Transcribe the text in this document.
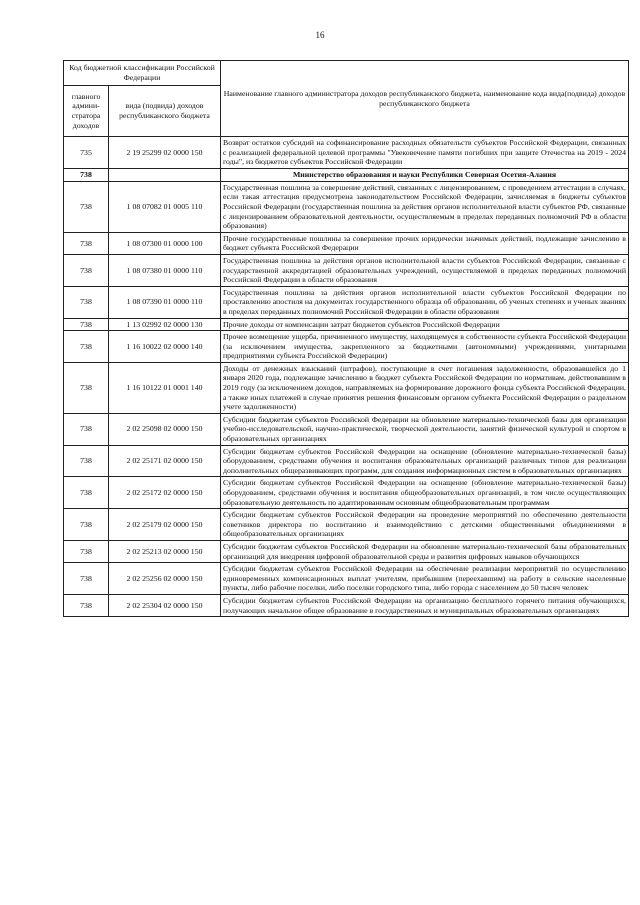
16
Код бюджетной классификации Российской Федерации		Наименование главного администратора доходов республиканского бюджета, наименование кода вида(подвида) доходов республиканского бюджета
главного админи- стратора доходов	вида (подвида) доходов республиканского бюджета	
735	2 19 25299 02 0000 150	Возврат остатков субсидий на софинансирование расходных обязательств субъектов Российской Федерации, связанных с реализацией федеральной целевой программы "Увековечение памяти погибших при защите Отечества на 2019 - 2024 годы", из бюджетов субъектов Российской Федерации
738		Министерство образования и науки Республики Северная Осетия-Алания
738	1 08 07082 01 0005 110	Государственная пошлина за совершение действий, связанных с лицензированием, с проведением аттестации в случаях, если такая аттестация предусмотрена законодательством Российской Федерации, зачисляемая в бюджеты субъектов Российской Федерации (государственная пошлина за действия органов исполнительной власти субъектов РФ, связанные с лицензированием образовательной деятельности, осуществляемым в пределах переданных полномочий РФ в области образования)
738	1 08 07300 01 0000 100	Прочие государственные пошлины за совершение прочих юридически значимых действий, подлежащие зачислению в бюджет субъекта Российской Федерации
738	1 08 07380 01 0000 110	Государственная пошлина за действия органов исполнительной власти субъектов Российской Федерации, связанные с государственной аккредитацией образовательных учреждений, осуществляемой в пределах переданных полномочий Российской Федерации в области образования
738	1 08 07390 01 0000 110	Государственная пошлина за действия органов исполнительной власти субъектов Российской Федерации по проставлению апостиля на документах государственного образца об образовании, об ученых степенях и ученых званиях в пределах переданных полномочий Российской Федерации в области образования
738	1 13 02992 02 0000 130	Прочие доходы от компенсации затрат бюджетов субъектов Российской Федерации
738	1 16 10022 02 0000 140	Прочее возмещение ущерба, причиненного имуществу, находящемуся в собственности субъекта Российской Федерации (за исключением имущества, закрепленного за бюджетными (автономными) учреждениями, унитарными предприятиями субъекта Российской Федерации)
738	1 16 10122 01 0001 140	Доходы от денежных взысканий (штрафов), поступающие в счет погашения задолженности, образовавшейся до 1 января 2020 года, подлежащие зачислению в бюджет субъекта Российской Федерации по нормативам, действовавшим в 2019 году (за исключением доходов, направляемых на формирование дорожного фонда субъекта Российской Федерации, а также иных платежей в случае принятия решения финансовым органом субъекта Российской Федерации о раздельном учете задолженности)
738	2 02 25098 02 0000 150	Субсидии бюджетам субъектов Российской Федерации на обновление материально-технической базы для организации учебно-исследовательской, научно-практической, творческой деятельности, занятий физической культурой и спортом в образовательных организациях
738	2 02 25171 02 0000 150	Субсидии бюджетам субъектов Российской Федерации на оснащение (обновление материально-технической базы) оборудованием, средствами обучения и воспитания образовательных организаций различных типов для реализации дополнительных общеразвивающих программ, для создания информационных систем в образовательных организациях
738	2 02 25172 02 0000 150	Субсидии бюджетам субъектов Российской Федерации на оснащение (обновление материально-технической базы) оборудованием, средствами обучения и воспитания общеобразовательных организаций, в том числе осуществляющих образовательную деятельность по адаптированным основным общеобразовательным программам
738	2 02 25179 02 0000 150	Субсидии бюджетам субъектов Российской Федерации на проведение мероприятий по обеспечению деятельности советников директора по воспитанию и взаимодействию с детскими общественными объединениями в общеобразовательных организациях
738	2 02 25213 02 0000 150	Субсидии бюджетам субъектов Российской Федерации на обновление материально-технической базы образовательных организаций для внедрения цифровой образовательной среды и развития цифровых навыков обучающихся
738	2 02 25256 02 0000 150	Субсидии бюджетам субъектов Российской Федерации на обеспечение реализации мероприятий по осуществлению единовременных компенсационных выплат учителям, прибывшим (переехавшим) на работу в сельские населенные пункты, либо рабочие поселки, либо поселки городского типа, либо города с населением до 50 тысяч человек
738	2 02 25304 02 0000 150	Субсидии бюджетам субъектов Российской Федерации на организацию бесплатного горячего питания обучающихся, получающих начальное общее образование в государственных и муниципальных образовательных организациях
